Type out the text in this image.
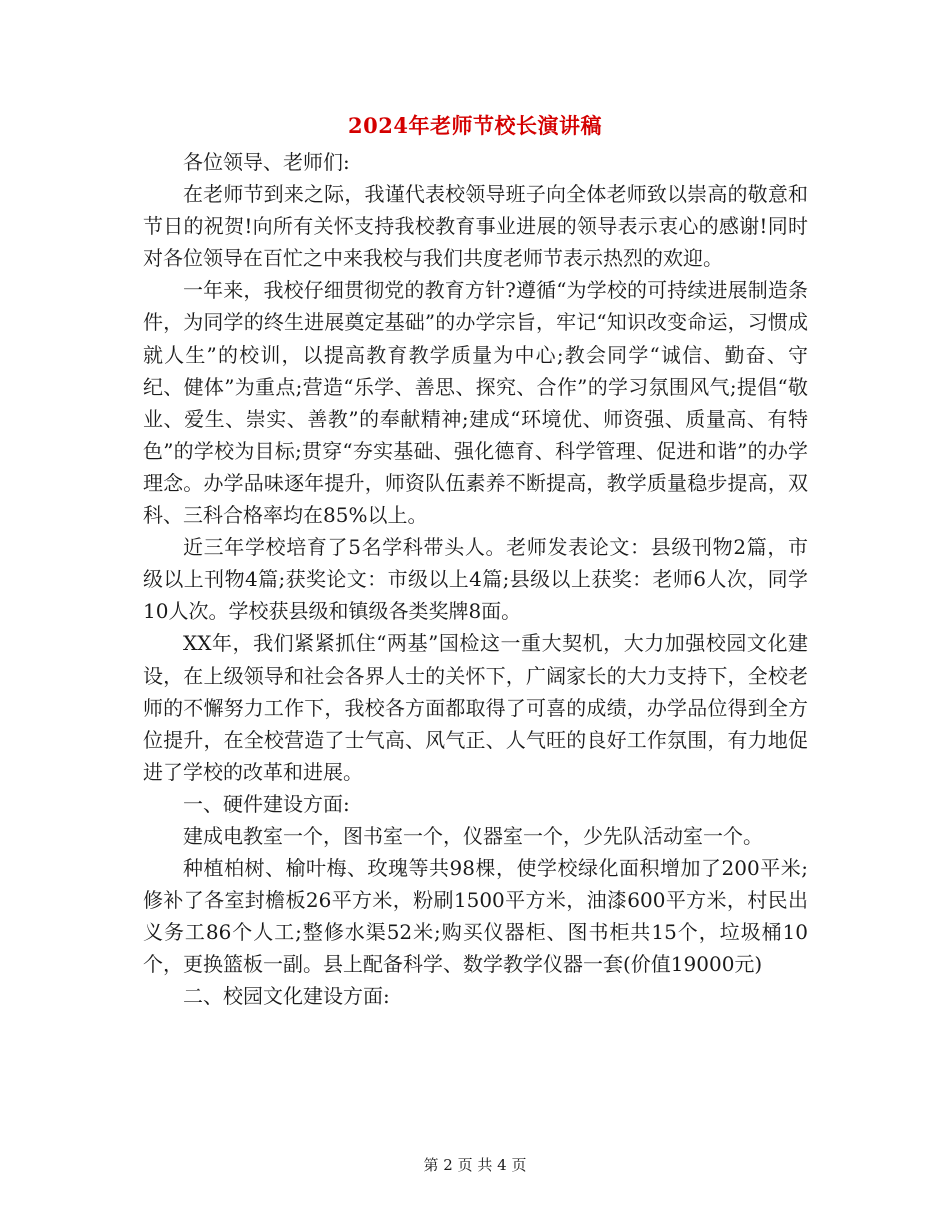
2024年老师节校长演讲稿

各位领导、老师们:

在老师节到来之际，我谨代表校领导班子向全体老师致以崇高的敬意和节日的祝贺!向所有关怀支持我校教育事业进展的领导表示衷心的感谢!同时对各位领导在百忙之中来我校与我们共度老师节表示热烈的欢迎。

一年来，我校仔细贯彻党的教育方针?遵循“为学校的可持续进展制造条件，为同学的终生进展奠定基础”的办学宗旨，牢记“知识改变命运，习惯成就人生”的校训，以提高教育教学质量为中心;教会同学“诚信、勤奋、守纪、健体”为重点;营造“乐学、善思、探究、合作”的学习氛围风气;提倡“敬业、爱生、崇实、善教”的奉献精神;建成“环境优、师资强、质量高、有特色”的学校为目标;贯穿“夯实基础、强化德育、科学管理、促进和谐”的办学理念。办学品味逐年提升，师资队伍素养不断提高，教学质量稳步提高，双科、三科合格率均在85%以上。

近三年学校培育了5名学科带头人。老师发表论文：县级刊物2篇，市级以上刊物4篇;获奖论文：市级以上4篇;县级以上获奖：老师6人次，同学10人次。学校获县级和镇级各类奖牌8面。

XX年，我们紧紧抓住“两基”国检这一重大契机，大力加强校园文化建设，在上级领导和社会各界人士的关怀下，广阔家长的大力支持下，全校老师的不懈努力工作下，我校各方面都取得了可喜的成绩，办学品位得到全方位提升，在全校营造了士气高、风气正、人气旺的良好工作氛围，有力地促进了学校的改革和进展。

一、硬件建设方面:

建成电教室一个，图书室一个，仪器室一个，少先队活动室一个。

种植柏树、榆叶梅、玫瑰等共98棵，使学校绿化面积增加了200平米;修补了各室封檐板26平方米，粉刷1500平方米，油漆600平方米，村民出义务工86个人工;整修水渠52米;购买仪器柜、图书柜共15个，垃圾桶10个，更换篮板一副。县上配备科学、数学教学仪器一套(价值19000元)

二、校园文化建设方面:

第 2 页 共 4 页
